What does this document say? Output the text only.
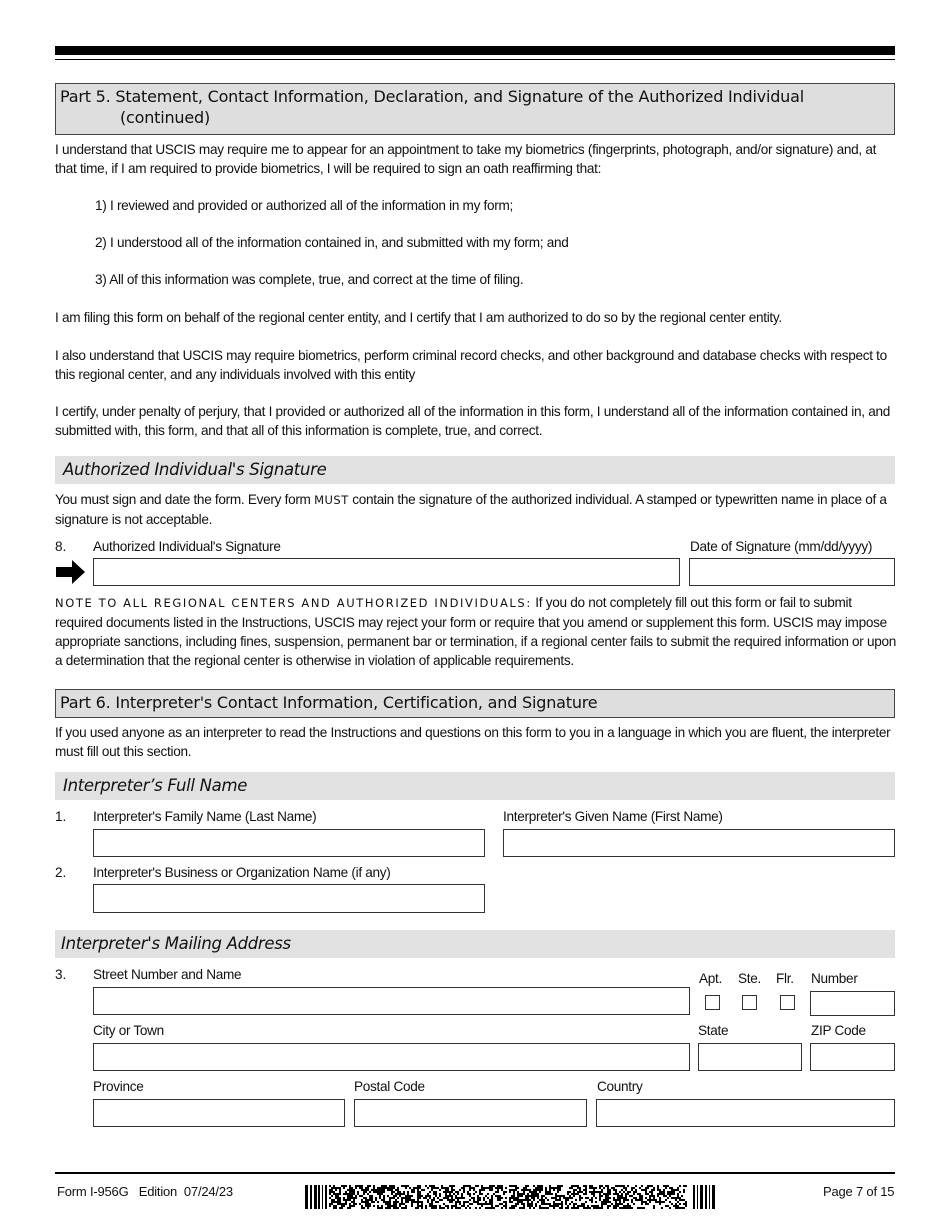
Part 5. Statement, Contact Information, Declaration, and Signature of the Authorized Individual
(continued)
I understand that USCIS may require me to appear for an appointment to take my biometrics (fingerprints, photograph, and/or signature) and, at that time, if I am required to provide biometrics, I will be required to sign an oath reaffirming that:
1) I reviewed and provided or authorized all of the information in my form;
2) I understood all of the information contained in, and submitted with my form; and
3) All of this information was complete, true, and correct at the time of filing.
I am filing this form on behalf of the regional center entity, and I certify that I am authorized to do so by the regional center entity.
I also understand that USCIS may require biometrics, perform criminal record checks, and other background and database checks with respect to this regional center, and any individuals involved with this entity
I certify, under penalty of perjury, that I provided or authorized all of the information in this form, I understand all of the information contained in, and submitted with, this form, and that all of this information is complete, true, and correct.
Authorized Individual's Signature
You must sign and date the form. Every form MUST contain the signature of the authorized individual. A stamped or typewritten name in place of a signature is not acceptable.
8. Authorized Individual's Signature	Date of Signature (mm/dd/yyyy)
NOTE TO ALL REGIONAL CENTERS AND AUTHORIZED INDIVIDUALS: If you do not completely fill out this form or fail to submit required documents listed in the Instructions, USCIS may reject your form or require that you amend or supplement this form. USCIS may impose appropriate sanctions, including fines, suspension, permanent bar or termination, if a regional center fails to submit the required information or upon a determination that the regional center is otherwise in violation of applicable requirements.
Part 6. Interpreter's Contact Information, Certification, and Signature
If you used anyone as an interpreter to read the Instructions and questions on this form to you in a language in which you are fluent, the interpreter must fill out this section.
Interpreter’s Full Name
1. Interpreter's Family Name (Last Name)	Interpreter's Given Name (First Name)
2. Interpreter's Business or Organization Name (if any)
Interpreter's Mailing Address
3. Street Number and Name	Apt. Ste. Flr. Number
City or Town	State	ZIP Code
Province	Postal Code	Country
Form I-956G   Edition  07/24/23	Page 7 of 15
